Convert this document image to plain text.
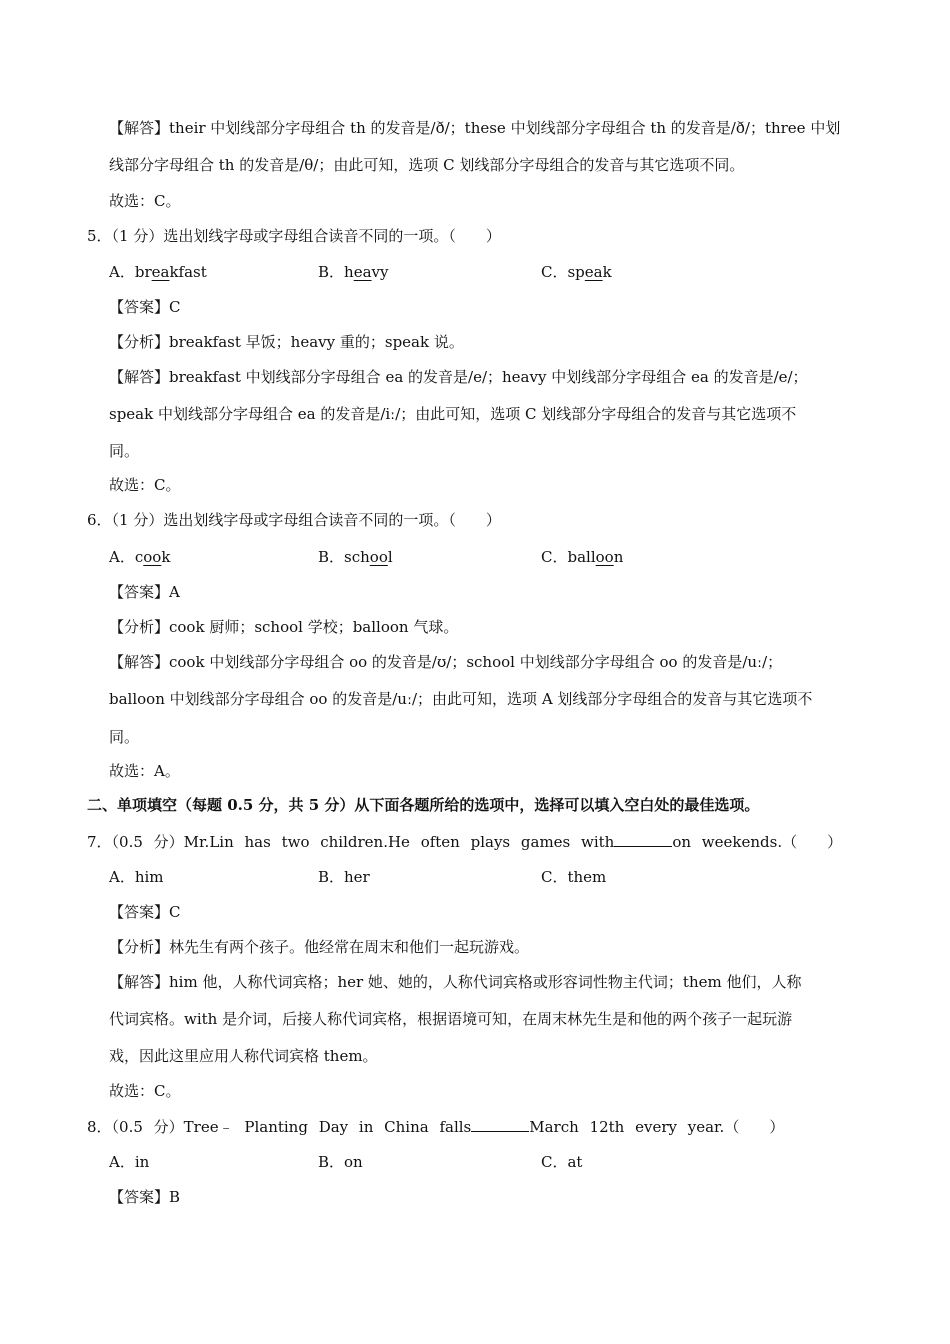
【解答】their 中划线部分字母组合 th 的发音是/ð/；these 中划线部分字母组合 th 的发音是/ð/；three 中划
线部分字母组合 th 的发音是/θ/；由此可知，选项 C 划线部分字母组合的发音与其它选项不同。
故选：C。
5．（1 分）选出划线字母或字母组合读音不同的一项。（　　）
A．breakfast	B．heavy	C．speak
【答案】C
【分析】breakfast 早饭；heavy 重的；speak 说。
【解答】breakfast 中划线部分字母组合 ea 的发音是/e/；heavy 中划线部分字母组合 ea 的发音是/e/；
speak 中划线部分字母组合 ea 的发音是/iː/；由此可知，选项 C 划线部分字母组合的发音与其它选项不
同。
故选：C。
6．（1 分）选出划线字母或字母组合读音不同的一项。（　　）
A．cook	B．school	C．balloon
【答案】A
【分析】cook 厨师；school 学校；balloon 气球。
【解答】cook 中划线部分字母组合 oo 的发音是/ʊ/；school 中划线部分字母组合 oo 的发音是/uː/；
balloon 中划线部分字母组合 oo 的发音是/uː/；由此可知，选项 A 划线部分字母组合的发音与其它选项不
同。
故选：A。
二、单项填空（每题 0.5 分，共 5 分）从下面各题所给的选项中，选择可以填入空白处的最佳选项。
7．（0.5 分）Mr.Lin has two children.He often plays games with	on weekends.（　　）
A．him	B．her	C．them
【答案】C
【分析】林先生有两个孩子。他经常在周末和他们一起玩游戏。
【解答】him 他，人称代词宾格；her 她、她的，人称代词宾格或形容词性物主代词；them 他们，人称
代词宾格。with 是介词，后接人称代词宾格，根据语境可知，在周末林先生是和他的两个孩子一起玩游
戏，因此这里应用人称代词宾格 them。
故选：C。
8．（0.5 分）Tree﹣ Planting Day in China falls	March 12th every year.（　　）
A．in	B．on	C．at
【答案】B
